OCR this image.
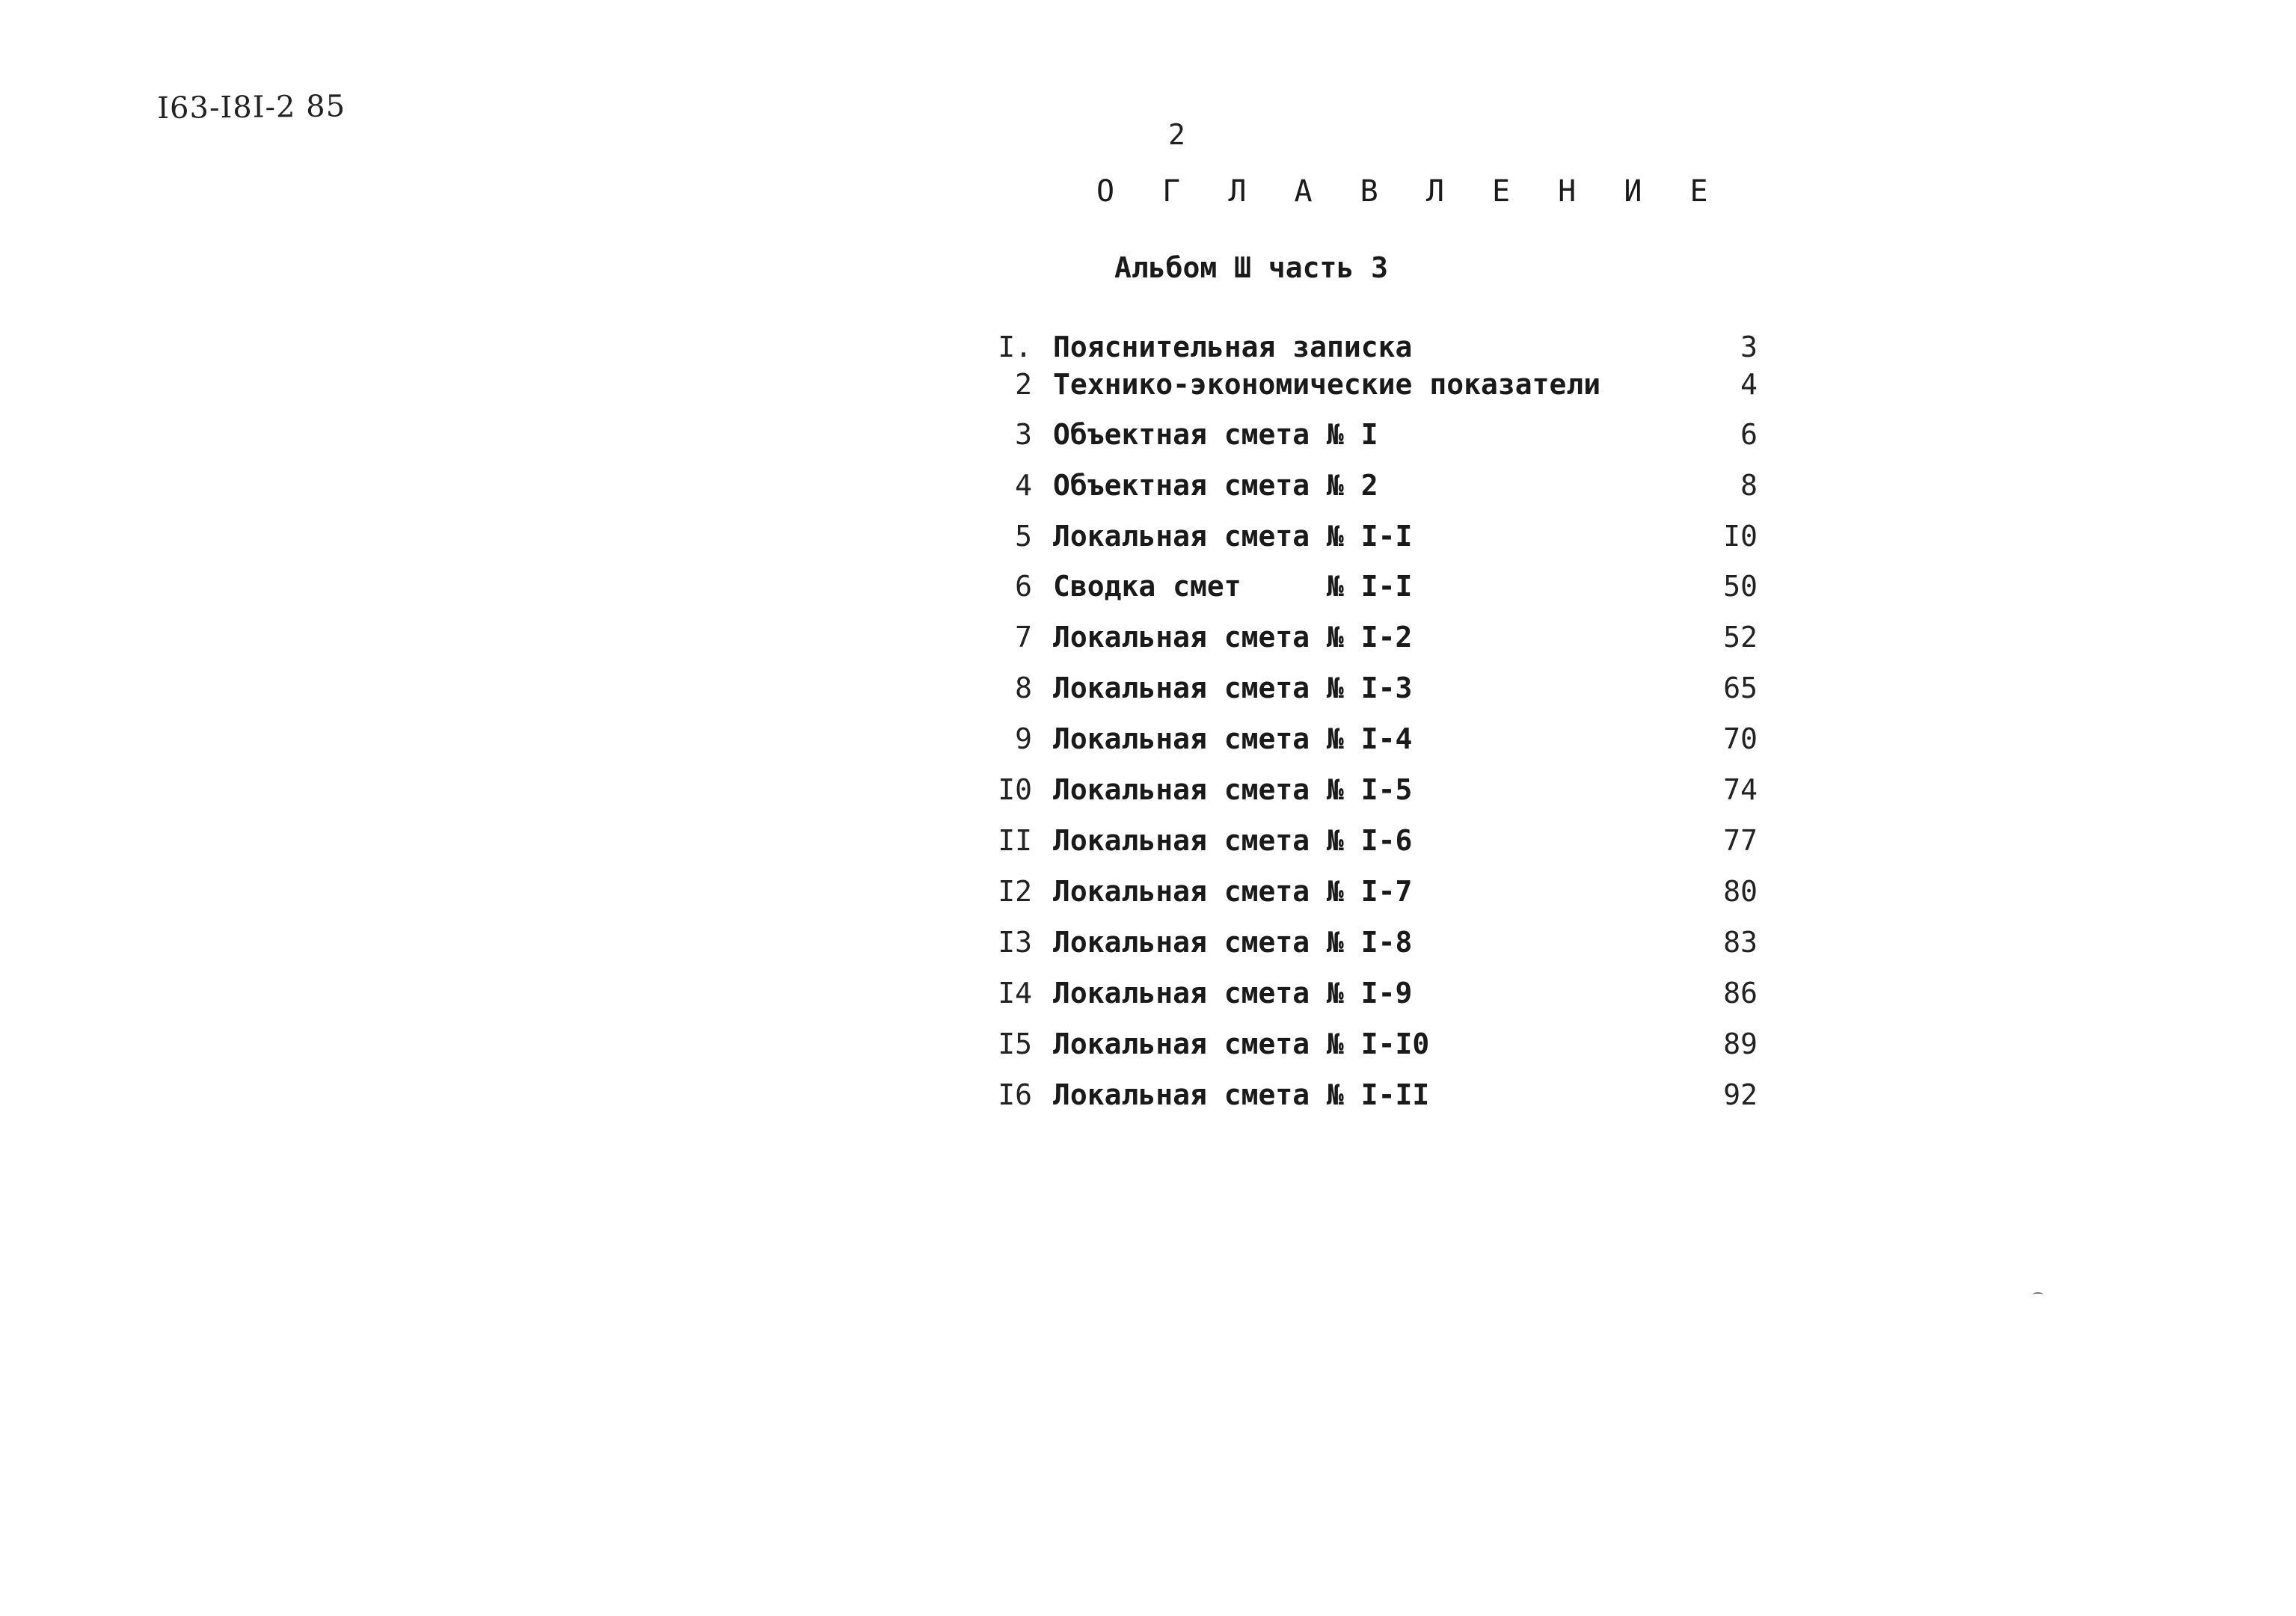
I63-I8I-2 85
2
О Г Л А В Л Е Н И Е
Альбом Ш часть 3
I. Пояснительная записка	3
2 Технико-экономические показатели	4
3 Объектная смета № I	6
4 Объектная смета № 2	8
5 Локальная смета № I-I	I0
6 Сводка смет     № I-I	50
7 Локальная смета № I-2	52
8 Локальная смета № I-3	65
9 Локальная смета № I-4	70
I0 Локальная смета № I-5	74
II Локальная смета № I-6	77
I2 Локальная смета № I-7	80
I3 Локальная смета № I-8	83
I4 Локальная смета № I-9	86
I5 Локальная смета № I-I0	89
I6 Локальная смета № I-II	92
